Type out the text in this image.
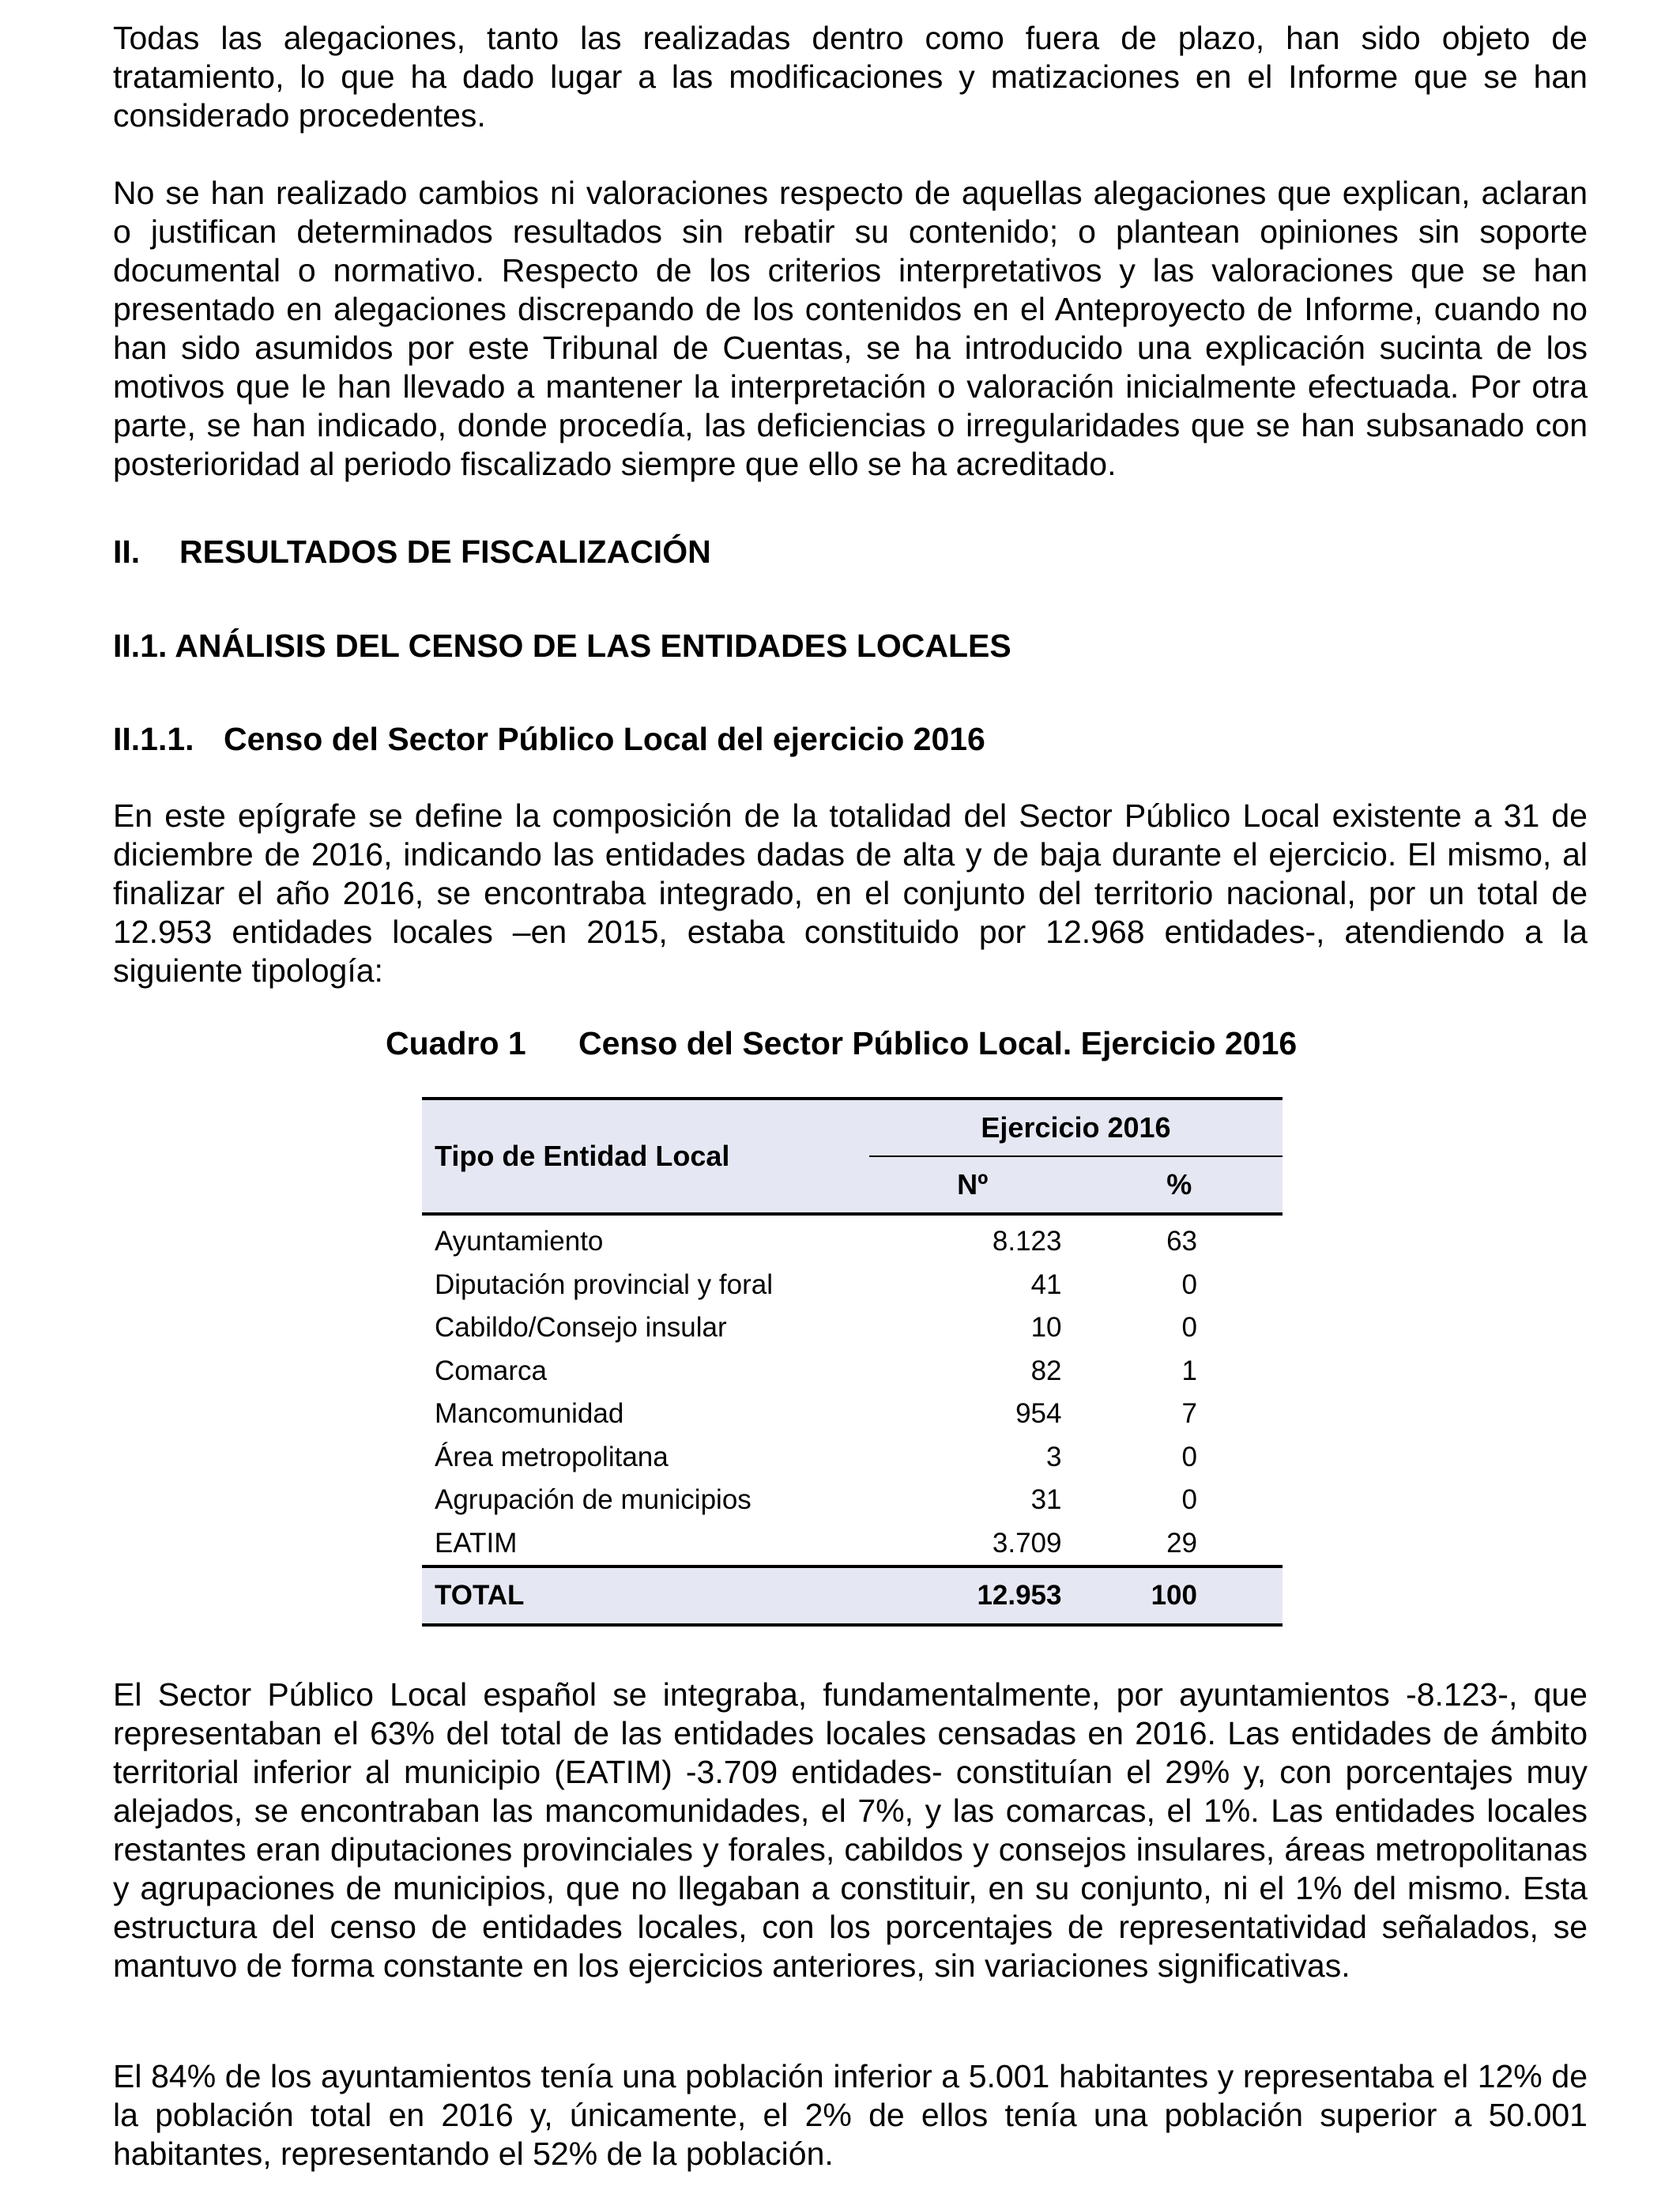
Todas las alegaciones, tanto las realizadas dentro como fuera de plazo, han sido objeto de tratamiento, lo que ha dado lugar a las modificaciones y matizaciones en el Informe que se han considerado procedentes.

No se han realizado cambios ni valoraciones respecto de aquellas alegaciones que explican, aclaran o justifican determinados resultados sin rebatir su contenido; o plantean opiniones sin soporte documental o normativo. Respecto de los criterios interpretativos y las valoraciones que se han presentado en alegaciones discrepando de los contenidos en el Anteproyecto de Informe, cuando no han sido asumidos por este Tribunal de Cuentas, se ha introducido una explicación sucinta de los motivos que le han llevado a mantener la interpretación o valoración inicialmente efectuada. Por otra parte, se han indicado, donde procedía, las deficiencias o irregularidades que se han subsanado con posterioridad al periodo fiscalizado siempre que ello se ha acreditado.

II. RESULTADOS DE FISCALIZACIÓN
II.1. ANÁLISIS DEL CENSO DE LAS ENTIDADES LOCALES
II.1.1. Censo del Sector Público Local del ejercicio 2016

En este epígrafe se define la composición de la totalidad del Sector Público Local existente a 31 de diciembre de 2016, indicando las entidades dadas de alta y de baja durante el ejercicio. El mismo, al finalizar el año 2016, se encontraba integrado, en el conjunto del territorio nacional, por un total de 12.953 entidades locales –en 2015, estaba constituido por 12.968 entidades-, atendiendo a la siguiente tipología:

Cuadro 1 Censo del Sector Público Local. Ejercicio 2016
Tipo de Entidad Local	Ejercicio 2016	
	Nº	%
Ayuntamiento	8.123	63
Diputación provincial y foral	41	0
Cabildo/Consejo insular	10	0
Comarca	82	1
Mancomunidad	954	7
Área metropolitana	3	0
Agrupación de municipios	31	0
EATIM	3.709	29
TOTAL	12.953	100

El Sector Público Local español se integraba, fundamentalmente, por ayuntamientos -8.123-, que representaban el 63% del total de las entidades locales censadas en 2016. Las entidades de ámbito territorial inferior al municipio (EATIM) -3.709 entidades- constituían el 29% y, con porcentajes muy alejados, se encontraban las mancomunidades, el 7%, y las comarcas, el 1%. Las entidades locales restantes eran diputaciones provinciales y forales, cabildos y consejos insulares, áreas metropolitanas y agrupaciones de municipios, que no llegaban a constituir, en su conjunto, ni el 1% del mismo. Esta estructura del censo de entidades locales, con los porcentajes de representatividad señalados, se mantuvo de forma constante en los ejercicios anteriores, sin variaciones significativas.

El 84% de los ayuntamientos tenía una población inferior a 5.001 habitantes y representaba el 12% de la población total en 2016 y, únicamente, el 2% de ellos tenía una población superior a 50.001 habitantes, representando el 52% de la población.
